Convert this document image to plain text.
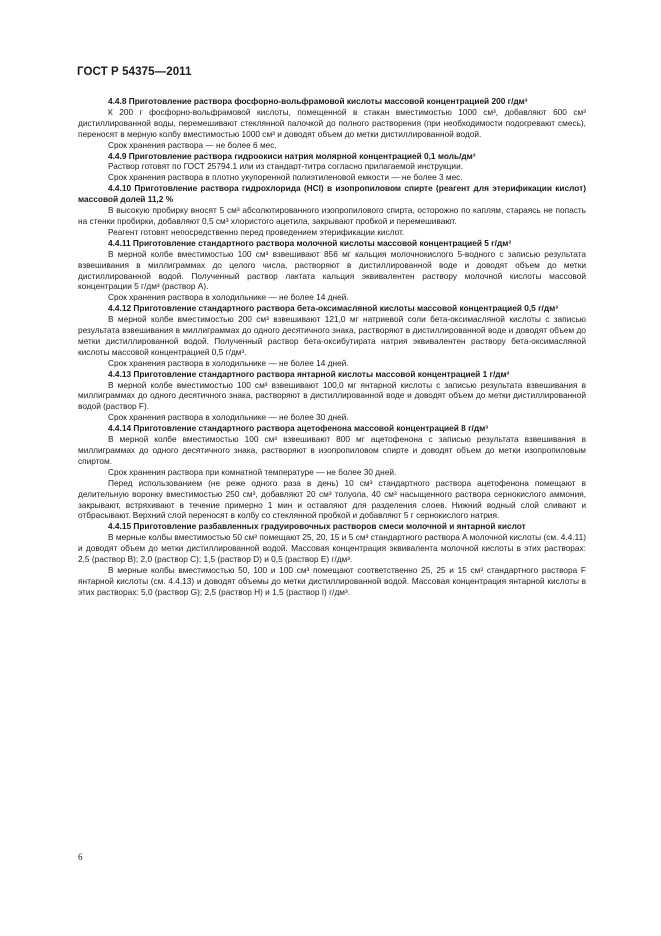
ГОСТ Р 54375—2011

4.4.8 Приготовление раствора фосфорно-вольфрамовой кислоты массовой концентрацией 200 г/дм³

К 200 г фосфорно-вольфрамовой кислоты, помещенной в стакан вместимостью 1000 см³, добавляют 600 см³ дистиллированной воды, перемешивают стеклянной палочкой до полного растворения (при необходимости подогревают смесь), переносят в мерную колбу вместимостью 1000 см³ и доводят объем до метки дистиллированной водой.

Срок хранения раствора — не более 6 мес.

4.4.9 Приготовление раствора гидроокиси натрия молярной концентрацией 0,1 моль/дм³

Раствор готовят по ГОСТ 25794.1 или из стандарт-титра согласно прилагаемой инструкции.

Срок хранения раствора в плотно укупоренной полиэтиленовой емкости — не более 3 мес.

4.4.10 Приготовление раствора гидрохлорида (HCl) в изопропиловом спирте (реагент для этерификации кислот) массовой долей 11,2 %

В высокую пробирку вносят 5 см³ абсолютированного изопропилового спирта, осторожно по каплям, стараясь не попасть на стенки пробирки, добавляют 0,5 см³ хлористого ацетила, закрывают пробкой и перемешивают.

Реагент готовят непосредственно перед проведением этерификации кислот.

4.4.11 Приготовление стандартного раствора молочной кислоты массовой концентрацией 5 г/дм³

В мерной колбе вместимостью 100 см³ взвешивают 856 мг кальция молочнокислого 5-водного с записью результата взвешивания в миллиграммах до целого числа, растворяют в дистиллированной воде и доводят объем до метки дистиллированной водой. Полученный раствор лактата кальция эквивалентен раствору молочной кислоты массовой концентрации 5 г/дм³ (раствор A).

Срок хранения раствора в холодильнике — не более 14 дней.

4.4.12 Приготовление стандартного раствора бета-оксимасляной кислоты массовой концентрацией 0,5 г/дм³

В мерной колбе вместимостью 200 см³ взвешивают 121,0 мг натриевой соли бета-оксимасляной кислоты с записью результата взвешивания в миллиграммах до одного десятичного знака, растворяют в дистиллированной воде и доводят объем до метки дистиллированной водой. Полученный раствор бета-оксибутирата натрия эквивалентен раствору бета-оксимасляной кислоты массовой концентрацией 0,5 г/дм³.

Срок хранения раствора в холодильнике — не более 14 дней.

4.4.13 Приготовление стандартного раствора янтарной кислоты массовой концентрацией 1 г/дм³

В мерной колбе вместимостью 100 см³ взвешивают 100,0 мг янтарной кислоты с записью результата взвешивания в миллиграммах до одного десятичного знака, растворяют в дистиллированной воде и доводят объем до метки дистиллированной водой (раствор F).

Срок хранения раствора в холодильнике — не более 30 дней.

4.4.14 Приготовление стандартного раствора ацетофенона массовой концентрацией 8 г/дм³

В мерной колбе вместимостью 100 см³ взвешивают 800 мг ацетофенона с записью результата взвешивания в миллиграммах до одного десятичного знака, растворяют в изопропиловом спирте и доводят объем до метки изопропиловым спиртом.

Срок хранения раствора при комнатной температуре — не более 30 дней.

Перед использованием (не реже одного раза в день) 10 см³ стандартного раствора ацетофенона помещают в делительную воронку вместимостью 250 см³, добавляют 20 см³ толуола, 40 см³ насыщенного раствора сернокислого аммония, закрывают, встряхивают в течение примерно 1 мин и оставляют для разделения слоев. Нижний водный слой сливают и отбрасывают. Верхний слой переносят в колбу со стеклянной пробкой и добавляют 5 г сернокислого натрия.

4.4.15 Приготовление разбавленных градуировочных растворов смеси молочной и янтарной кислот

В мерные колбы вместимостью 50 см³ помещают 25, 20, 15 и 5 см³ стандартного раствора A молочной кислоты (см. 4.4.11) и доводят объем до метки дистиллированной водой. Массовая концентрация эквивалента молочной кислоты в этих растворах: 2,5 (раствор B); 2,0 (раствор C); 1,5 (раствор D) и 0,5 (раствор E) г/дм³.

В мерные колбы вместимостью 50, 100 и 100 см³ помещают соответственно 25, 25 и 15 см³ стандартного раствора F янтарной кислоты (см. 4.4.13) и доводят объемы до метки дистиллированной водой. Массовая концентрация янтарной кислоты в этих растворах: 5,0 (раствор G); 2,5 (раствор H) и 1,5 (раствор I) г/дм³.

6
